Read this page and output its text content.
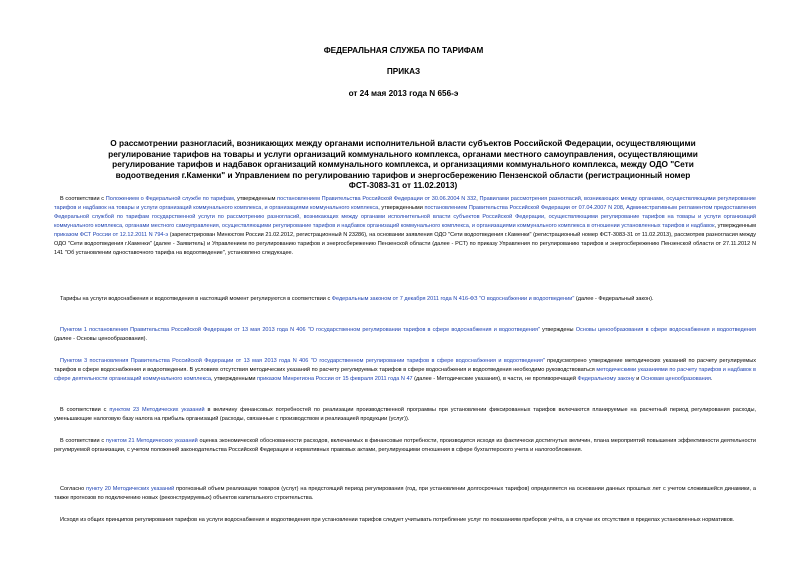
ФЕДЕРАЛЬНАЯ СЛУЖБА ПО ТАРИФАМ
ПРИКАЗ
от 24 мая 2013 года N 656-э
О рассмотрении разногласий, возникающих между органами исполнительной власти субъектов Российской Федерации, осуществляющими регулирование тарифов на товары и услуги организаций коммунального комплекса, органами местного самоуправления, осуществляющими регулирование тарифов и надбавок организаций коммунального комплекса, и организациями коммунального комплекса, между ОДО "Сети водоотведения г.Каменки" и Управлением по регулированию тарифов и энергосбережению Пензенской области (регистрационный номер ФСТ-3083-31 от 11.02.2013)
В соответствии с Положением о Федеральной службе по тарифам, утвержденным постановлением Правительства Российской Федерации от 30.06.2004 N 332, Правилами рассмотрения разногласий, возникающих между органами, осуществляющими регулирование тарифов и надбавок на товары и услуги организаций коммунального комплекса, и организациями коммунального комплекса, утвержденными постановлением Правительства Российской Федерации от 07.04.2007 N 208, Административным регламентом предоставления Федеральной службой по тарифам государственной услуги по рассмотрению разногласий, возникающих между органами исполнительной власти субъектов Российской Федерации, осуществляющими регулирование тарифов на товары и услуги организаций коммунального комплекса, органами местного самоуправления, осуществляющими регулирование тарифов и надбавок организаций коммунального комплекса, и организациями коммунального комплекса в отношении установленных тарифов и надбавок, утвержденным приказом ФСТ России от 12.12.2011 N 794-э (зарегистрирован Минюстом России 21.02.2012, регистрационный N 23286), на основании заявления ОДО "Сети водоотведения г.Каменки" (регистрационный номер ФСТ-3083-31 от 11.02.2013), рассмотрев разногласия между ОДО "Сети водоотведения г.Каменки" (далее - Заявитель) и Управлением по регулированию тарифов и энергосбережению Пензенской области (далее - РСТ) по приказу Управления по регулированию тарифов и энергосбережению Пензенской области от 27.11.2012 N 141 "Об установлении одноставочного тарифа на водоотведение", установлено следующее.
Тарифы на услуги водоснабжения и водоотведения в настоящий момент регулируются в соответствии с Федеральным законом от 7 декабря 2011 года N 416-ФЗ "О водоснабжении и водоотведении" (далее - Федеральный закон).
Пунктом 1 постановления Правительства Российской Федерации от 13 мая 2013 года N 406 "О государственном регулировании тарифов в сфере водоснабжения и водоотведения" утверждены Основы ценообразования в сфере водоснабжения и водоотведения (далее - Основы ценообразования).
Пунктом 3 постановления Правительства Российской Федерации от 13 мая 2013 года N 406 "О государственном регулировании тарифов в сфере водоснабжения и водоотведения" предусмотрено утверждение методических указаний по расчету регулируемых тарифов в сфере водоснабжения и водоотведения. В условиях отсутствия методических указаний по расчету регулируемых тарифов в сфере водоснабжения и водоотведения необходимо руководствоваться методическими указаниями по расчету тарифов и надбавок в сфере деятельности организаций коммунального комплекса, утвержденными приказом Минрегиона России от 15 февраля 2011 года N 47 (далее - Методические указания), в части, не противоречащей Федеральному закону и Основам ценообразования.
В соответствии с пунктом 23 Методических указаний в величину финансовых потребностей по реализации производственной программы при установлении фиксированных тарифов включаются планируемые на расчетный период регулирования расходы, уменьшающие налоговую базу налога на прибыль организаций (расходы, связанные с производством и реализацией продукции (услуг)).
В соответствии с пунктом 21 Методических указаний оценка экономической обоснованности расходов, включаемых в финансовые потребности, производится исходя из фактически достигнутых величин, плана мероприятий повышения эффективности деятельности регулируемой организации, с учетом положений законодательства Российской Федерации и нормативных правовых актами, регулирующими отношения в сфере бухгалтерского учета и налогообложения.
Согласно пункту 20 Методических указаний прогнозный объем реализации товаров (услуг) на предстоящий период регулирования (год, при установлении долгосрочных тарифов) определяется на основании данных прошлых лет с учетом сложившейся динамики, а также прогнозов по подключению новых (реконструируемых) объектов капитального строительства.
Исходя из общих принципов регулирования тарифов на услуги водоснабжения и водоотведения при установлении тарифов следует учитывать потребление услуг по показаниям приборов учёта, а в случае их отсутствия в пределах установленных нормативов.
